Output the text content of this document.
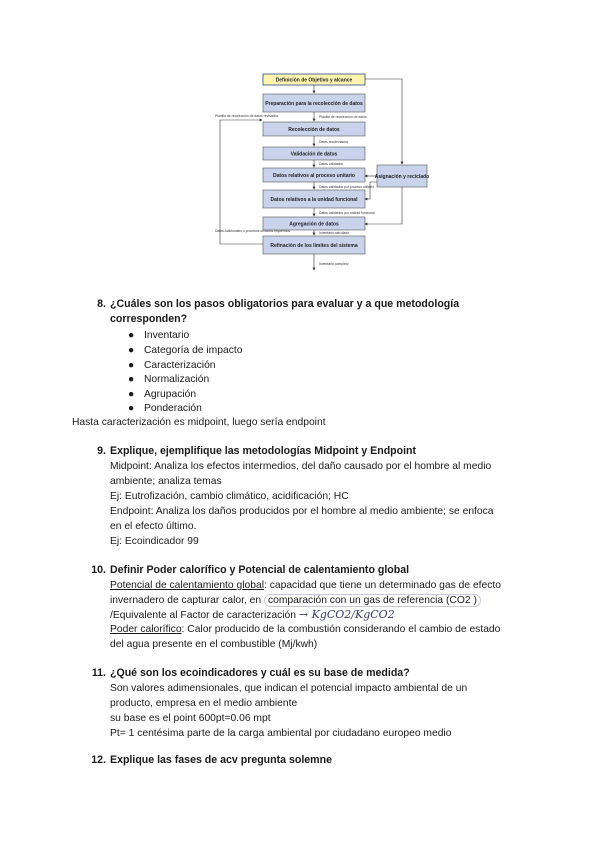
Definición de Objetivo y alcance
Preparación para la recolección de datos
Recolección de datos
Validación de datos
Datos relativos al proceso unitario
Datos relativos a la unidad funcional
Agregación de datos
Refinación de los límites del sistema
Asignación y reciclado
Planilla de recolección de datos
Planilla de recolección de datos revisados
Datos recolectados
Datos validados
Datos validados por proceso unitario
Datos validados por unidad funcional
Inventario calculado
Datos Adicionales o procesos unitarios requeridos
Inventario completo
8. ¿Cuáles son los pasos obligatorios para evaluar y a que metodología
corresponden?
● Inventario
● Categoría de impacto
● Caracterización
● Normalización
● Agrupación
● Ponderación
Hasta caracterización es midpoint, luego sería endpoint
9. Explique, ejemplifique las metodologías Midpoint y Endpoint
Midpoint: Analiza los efectos intermedios, del daño causado por el hombre al medio
ambiente; analiza temas
Ej: Eutrofización, cambio climático, acidificación; HC
Endpoint: Analiza los daños producidos por el hombre al medio ambiente; se enfoca
en el efecto último.
Ej: Ecoindicador 99
10. Definir Poder calorífico y Potencial de calentamiento global
Potencial de calentamiento global: capacidad que tiene un determinado gas de efecto
invernadero de capturar calor, en comparación con un gas de referencia (CO2 )
/Equivalente al Factor de caracterización → KgCO2/KgCO2
Poder calorífico: Calor producido de la combustión considerando el cambio de estado
del agua presente en el combustible (Mj/kwh)
11. ¿Qué son los ecoindicadores y cuál es su base de medida?
Son valores adimensionales, que indican el potencial impacto ambiental de un
producto, empresa en el medio ambiente
su base es el point 600pt=0.06 mpt
Pt= 1 centésima parte de la carga ambiental por ciudadano europeo medio
12. Explique las fases de acv pregunta solemne
